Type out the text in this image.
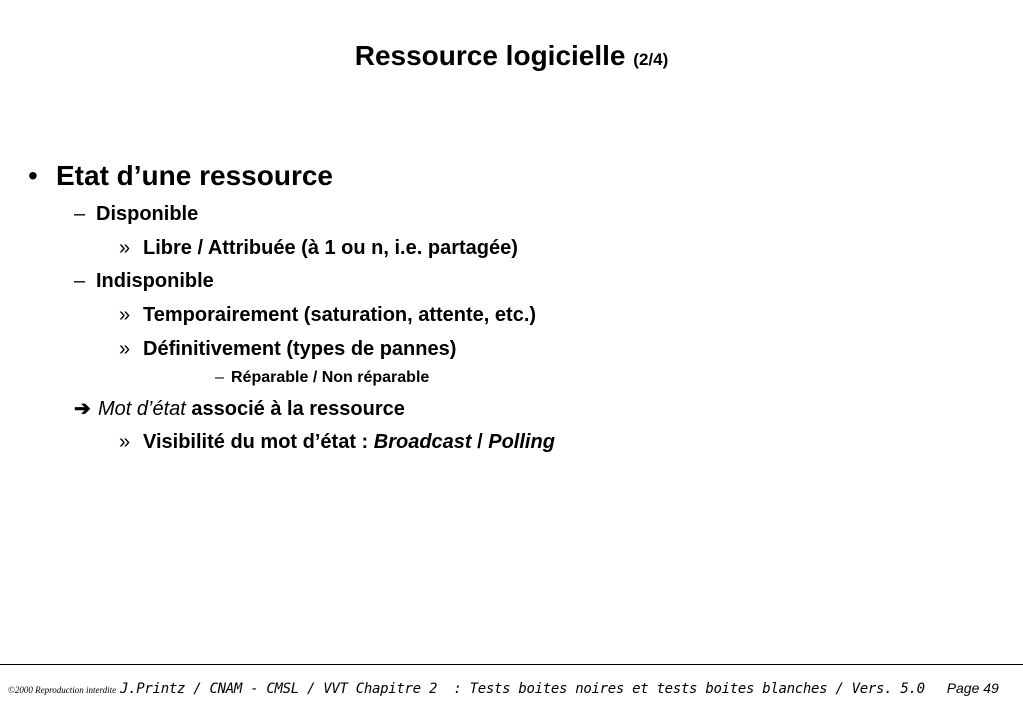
Ressource logicielle (2/4)
• Etat d’une ressource
– Disponible
» Libre / Attribuée (à 1 ou n, i.e. partagée)
– Indisponible
» Temporairement (saturation, attente, etc.)
» Définitivement (types de pannes)
– Réparable / Non réparable
➔ Mot d’état associé à la ressource
» Visibilité du mot d’état : Broadcast / Polling
©2000 Reproduction interdite J.Printz / CNAM - CMSL / VVT Chapitre 2  : Tests boites noires et tests boites blanches / Vers. 5.0 Page 49
